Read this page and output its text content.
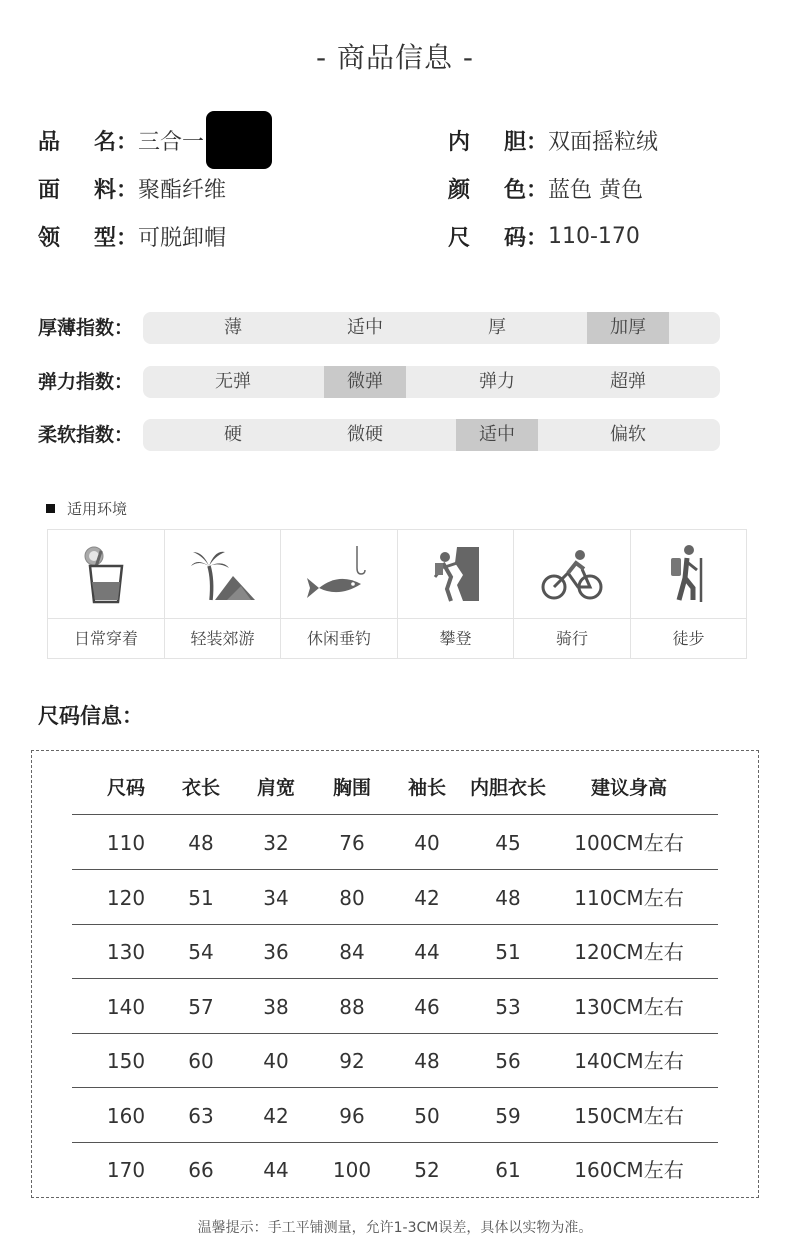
- 商品信息 -
品 名： 三合一
面 料： 聚酯纤维
领 型： 可脱卸帽
内 胆： 双面摇粒绒
颜 色： 蓝色 黄色
尺 码： 110-170
厚薄指数：	薄	适中	厚	加厚
弹力指数：	无弹	微弹	弹力	超弹
柔软指数：	硬	微硬	适中	偏软
适用环境
日常穿着	轻装郊游	休闲垂钓	攀登	骑行	徒步
尺码信息：
尺码	衣长	肩宽	胸围	袖长	内胆衣长	建议身高
110	48	32	76	40	45	100CM左右
120	51	34	80	42	48	110CM左右
130	54	36	84	44	51	120CM左右
140	57	38	88	46	53	130CM左右
150	60	40	92	48	56	140CM左右
160	63	42	96	50	59	150CM左右
170	66	44	100	52	61	160CM左右
温馨提示：手工平铺测量，允许1-3CM误差，具体以实物为准。
